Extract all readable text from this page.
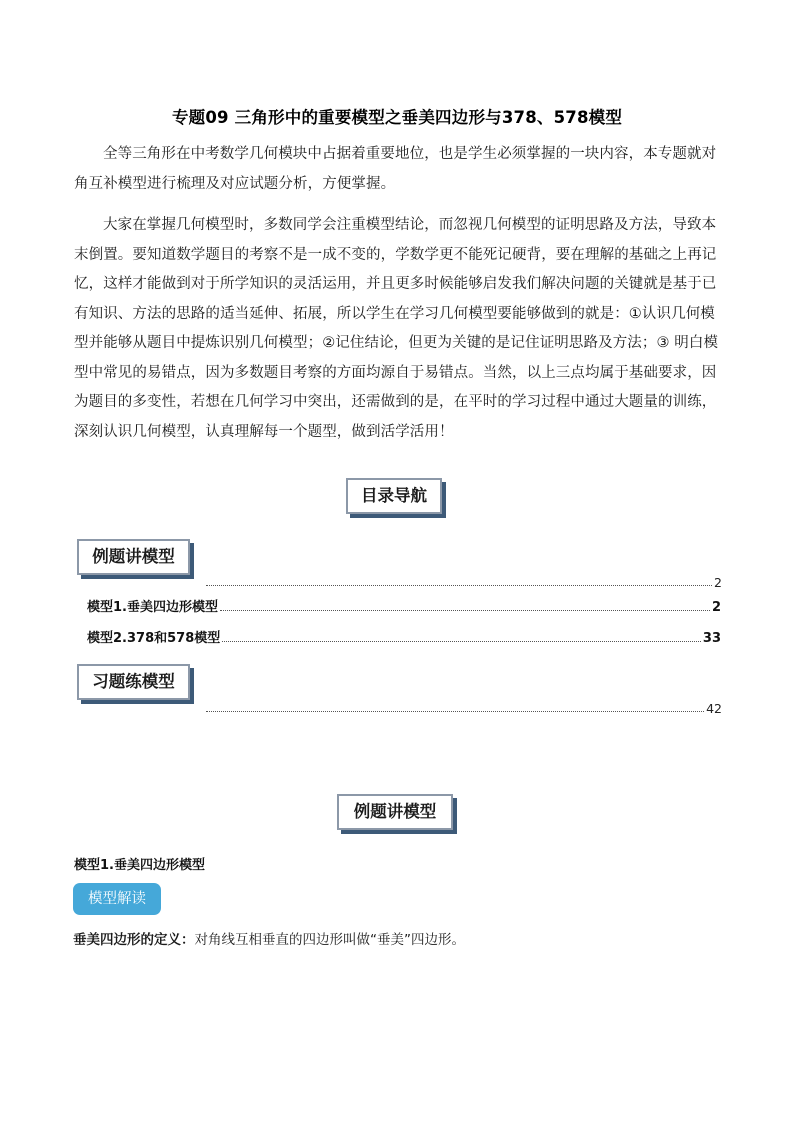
专题09 三角形中的重要模型之垂美四边形与378、578模型

全等三角形在中考数学几何模块中占据着重要地位，也是学生必须掌握的一块内容，本专题就对角互补模型进行梳理及对应试题分析，方便掌握。

大家在掌握几何模型时，多数同学会注重模型结论，而忽视几何模型的证明思路及方法，导致本末倒置。要知道数学题目的考察不是一成不变的，学数学更不能死记硬背，要在理解的基础之上再记忆，这样才能做到对于所学知识的灵活运用，并且更多时候能够启发我们解决问题的关键就是基于已有知识、方法的思路的适当延伸、拓展，所以学生在学习几何模型要能够做到的就是：①认识几何模型并能够从题目中提炼识别几何模型；②记住结论，但更为关键的是记住证明思路及方法；③ 明白模型中常见的易错点，因为多数题目考察的方面均源自于易错点。当然，以上三点均属于基础要求，因为题目的多变性，若想在几何学习中突出，还需做到的是，在平时的学习过程中通过大题量的训练，深刻认识几何模型，认真理解每一个题型，做到活学活用！

目录导航
例题讲模型
2
模型1.垂美四边形模型	2
模型2.378和578模型	33
习题练模型
42
例题讲模型
模型1.垂美四边形模型
模型解读
垂美四边形的定义：对角线互相垂直的四边形叫做“垂美”四边形。
